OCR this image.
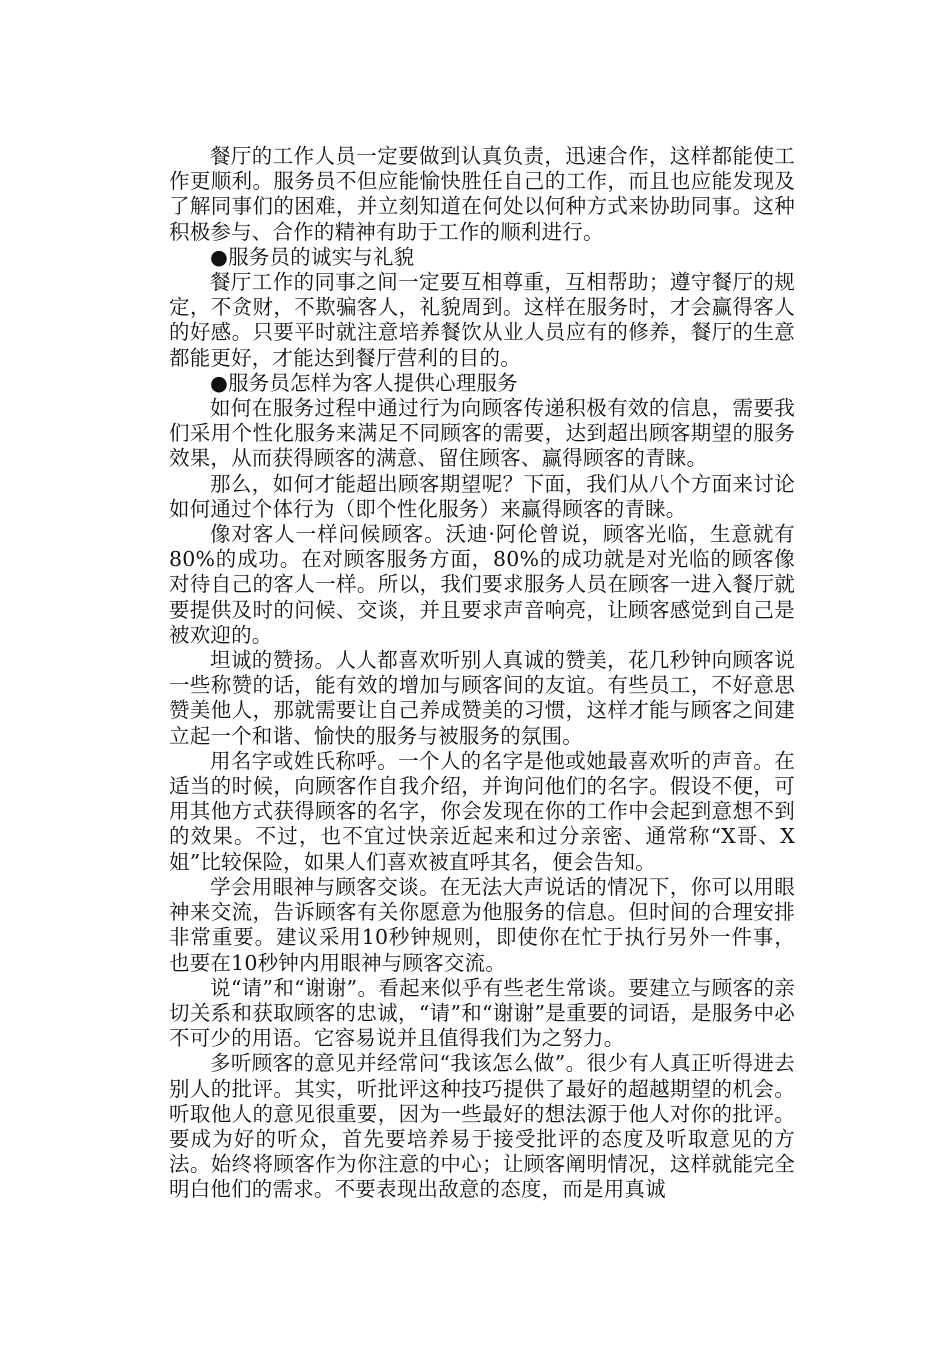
餐厅的工作人员一定要做到认真负责，迅速合作，这样都能使工作更顺利。服务员不但应能愉快胜任自己的工作，而且也应能发现及了解同事们的困难，并立刻知道在何处以何种方式来协助同事。这种积极参与、合作的精神有助于工作的顺利进行。

●服务员的诚实与礼貌

餐厅工作的同事之间一定要互相尊重，互相帮助；遵守餐厅的规定，不贪财，不欺骗客人，礼貌周到。这样在服务时，才会赢得客人的好感。只要平时就注意培养餐饮从业人员应有的修养，餐厅的生意都能更好，才能达到餐厅营利的目的。

●服务员怎样为客人提供心理服务

如何在服务过程中通过行为向顾客传递积极有效的信息，需要我们采用个性化服务来满足不同顾客的需要，达到超出顾客期望的服务效果，从而获得顾客的满意、留住顾客、赢得顾客的青睐。

那么，如何才能超出顾客期望呢？下面，我们从八个方面来讨论如何通过个体行为（即个性化服务）来赢得顾客的青睐。

像对客人一样问候顾客。沃迪·阿伦曾说，顾客光临，生意就有80%的成功。在对顾客服务方面，80%的成功就是对光临的顾客像对待自己的客人一样。所以，我们要求服务人员在顾客一进入餐厅就要提供及时的问候、交谈，并且要求声音响亮，让顾客感觉到自己是被欢迎的。

坦诚的赞扬。人人都喜欢听别人真诚的赞美，花几秒钟向顾客说一些称赞的话，能有效的增加与顾客间的友谊。有些员工，不好意思赞美他人，那就需要让自己养成赞美的习惯，这样才能与顾客之间建立起一个和谐、愉快的服务与被服务的氛围。

用名字或姓氏称呼。一个人的名字是他或她最喜欢听的声音。在适当的时候，向顾客作自我介绍，并询问他们的名字。假设不便，可用其他方式获得顾客的名字，你会发现在你的工作中会起到意想不到的效果。不过，也不宜过快亲近起来和过分亲密、通常称“X哥、X姐”比较保险，如果人们喜欢被直呼其名，便会告知。

学会用眼神与顾客交谈。在无法大声说话的情况下，你可以用眼神来交流，告诉顾客有关你愿意为他服务的信息。但时间的合理安排非常重要。建议采用10秒钟规则，即使你在忙于执行另外一件事，也要在10秒钟内用眼神与顾客交流。

说“请”和“谢谢”。看起来似乎有些老生常谈。要建立与顾客的亲切关系和获取顾客的忠诚，“请”和“谢谢”是重要的词语，是服务中必不可少的用语。它容易说并且值得我们为之努力。

多听顾客的意见并经常问“我该怎么做”。很少有人真正听得进去别人的批评。其实，听批评这种技巧提供了最好的超越期望的机会。听取他人的意见很重要，因为一些最好的想法源于他人对你的批评。要成为好的听众，首先要培养易于接受批评的态度及听取意见的方法。始终将顾客作为你注意的中心；让顾客阐明情况，这样就能完全明白他们的需求。不要表现出敌意的态度，而是用真诚
